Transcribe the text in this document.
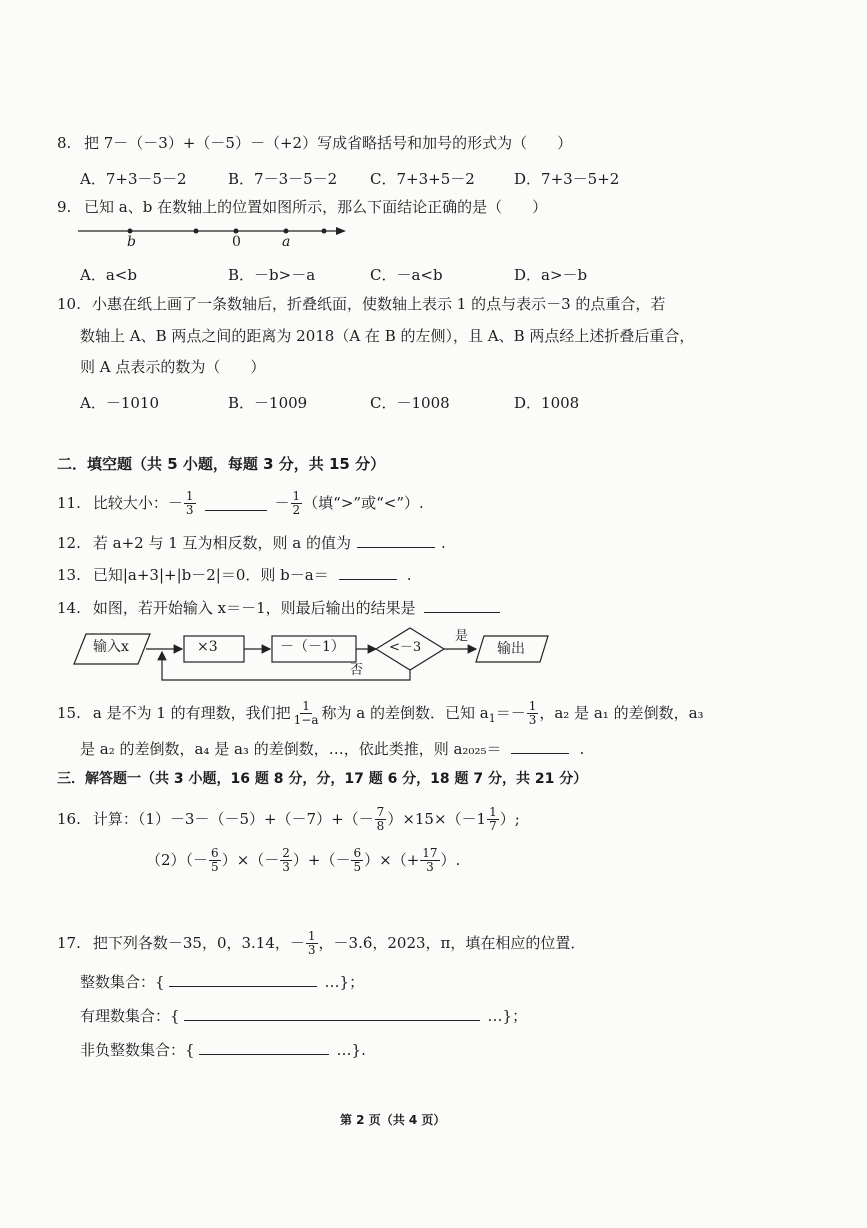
8. 把 7－（－3）+（－5）－（+2）写成省略括号和加号的形式为（　　）
A．7+3－5－2	B．7－3－5－2 C．7+3+5－2	D．7+3－5+2
9. 已知 a、b 在数轴上的位置如图所示，那么下面结论正确的是（　　）
b	0	a
A．a<b	B．－b>－a	C．－a<b	D．a>－b
10. 小惠在纸上画了一条数轴后，折叠纸面，使数轴上表示 1 的点与表示－3 的点重合，若
数轴上 A、B 两点之间的距离为 2018（A 在 B 的左侧），且 A、B 两点经上述折叠后重合，
则 A 点表示的数为（　　）
A．－1010	B．－1009	C．－1008	D．1008
二．填空题（共 5 小题，每题 3 分，共 15 分）
11. 比较大小：－ $\frac{1}{3}$	－ $\frac{1}{2}$ （填“>”或“<”）.
12. 若 a+2 与 1 互为相反数，则 a 的值为	.
13. 已知|a+3|+|b－2|＝0．则 b－a＝	.
14. 如图，若开始输入 x＝－1，则最后输出的结果是
输入x	×3	－（－1）	<－3
是
输出
否
15. a 是不为 1 的有理数，我们把 $\frac{1}{1-a}$ 称为 a 的差倒数．已知 a $1 =- \frac{1}{3}$ ，a₂ 是 a₁ 的差倒数，a₃
是 a₂ 的差倒数，a₄ 是 a₃ 的差倒数，…，依此类推，则 a₂₀₂₅＝	.
三．解答题一（共 3 小题，16 题 8 分，分，17 题 6 分，18 题 7 分，共 21 分）
16. 计算：$(1)-3-(-5)+(-7)+(- \frac{7}{8} )\times 15\times(-1 \frac{1}{7}$ ）;
$(2)(- \frac{6}{5}$ ）×（－ $\frac{2}{3}$ ）+（－ $\frac{6}{5}$ ）×（+ $\frac{17}{3}$ ）.
17. 把下列各数－35，0，3.14，－ $\frac{1}{3}$ ，－3.6̇，2023，π，填在相应的位置．
整数集合：{	…}；
有理数集合：{	…}；
非负整数集合：{	…}.
第 2 页（共 4 页）
